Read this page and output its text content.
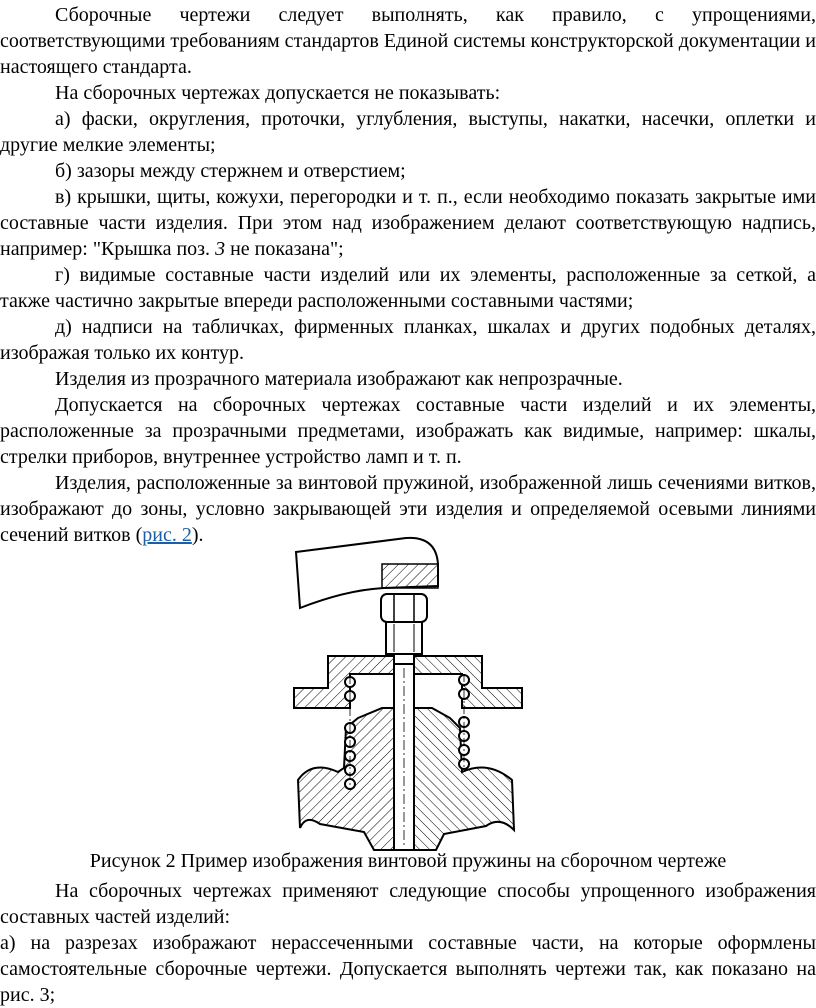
Сборочные чертежи следует выполнять, как правило, с упрощениями, соответствующими требованиям стандартов Единой системы конструкторской документации и настоящего стандарта.

На сборочных чертежах допускается не показывать:

а) фаски, округления, проточки, углубления, выступы, накатки, насечки, оплетки и другие мелкие элементы;

б) зазоры между стержнем и отверстием;

в) крышки, щиты, кожухи, перегородки и т. п., если необходимо показать закрытые ими составные части изделия. При этом над изображением делают соответствующую надпись, например: "Крышка поз. 3 не показана";

г) видимые составные части изделий или их элементы, расположенные за сеткой, а также частично закрытые впереди расположенными составными частями;

д) надписи на табличках, фирменных планках, шкалах и других подобных деталях, изображая только их контур.

Изделия из прозрачного материала изображают как непрозрачные.

Допускается на сборочных чертежах составные части изделий и их элементы, расположенные за прозрачными предметами, изображать как видимые, например: шкалы, стрелки приборов, внутреннее устройство ламп и т. п.

Изделия, расположенные за винтовой пружиной, изображенной лишь сечениями витков, изображают до зоны, условно закрывающей эти изделия и определяемой осевыми линиями сечений витков (рис. 2).

Рисунок 2 Пример изображения винтовой пружины на сборочном чертеже

На сборочных чертежах применяют следующие способы упрощенного изображения составных частей изделий:

а) на разрезах изображают нерассеченными составные части, на которые оформлены самостоятельные сборочные чертежи. Допускается выполнять чертежи так, как показано на рис. 3;
